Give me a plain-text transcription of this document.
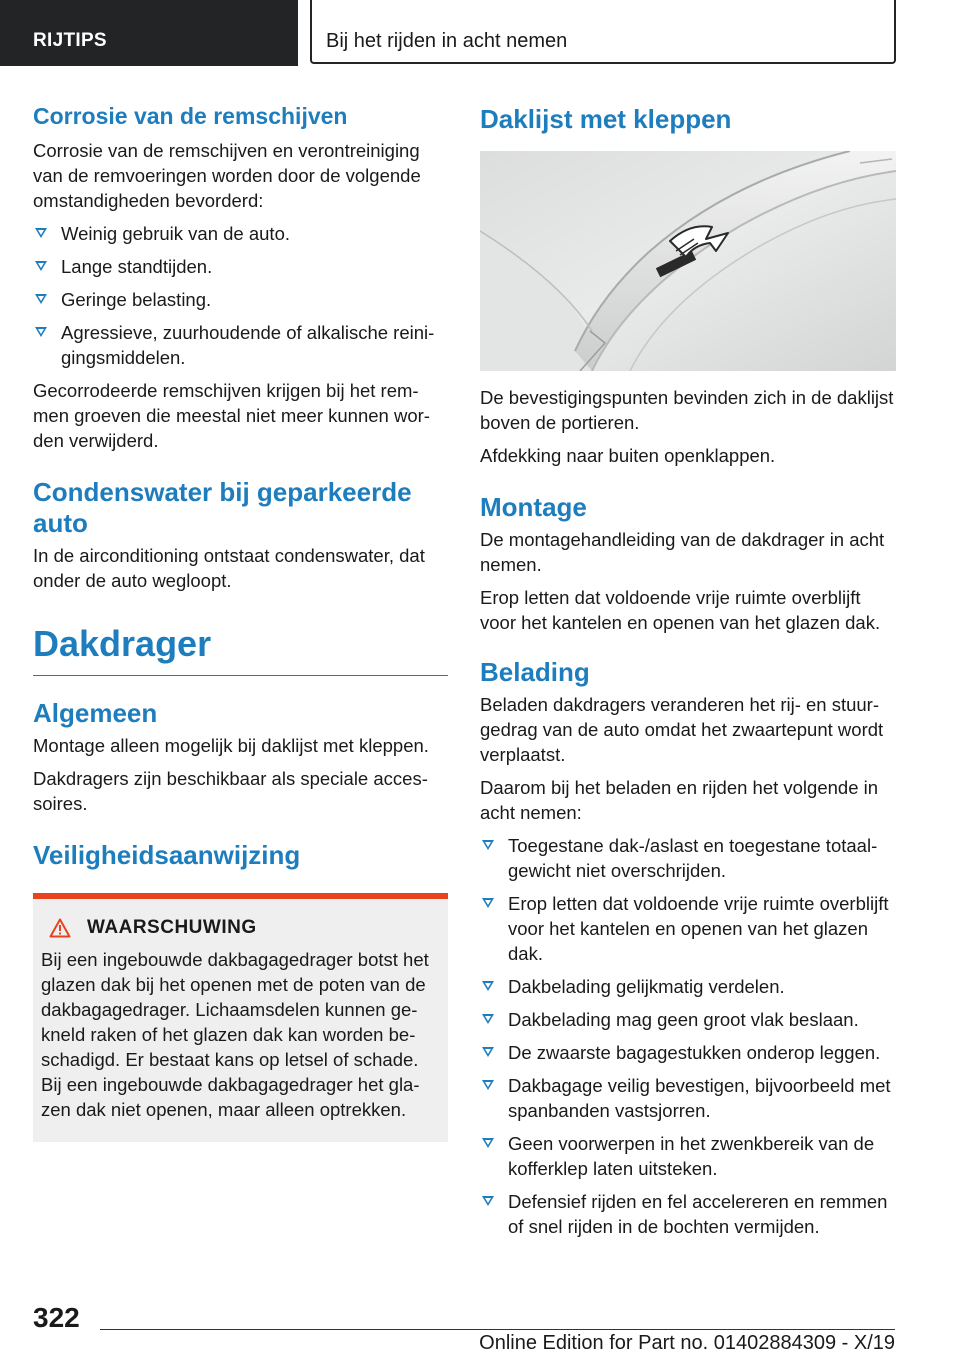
RIJTIPS	Bij het rijden in acht nemen
Corrosie van de remschijven

Corrosie van de remschijven en verontreiniging van de remvoeringen worden door de volgende omstandigheden bevorderd:

Weinig gebruik van de auto.
Lange standtijden.
Geringe belasting.
Agressieve, zuurhoudende of alkalische reinigingsmiddelen.

Gecorrodeerde remschijven krijgen bij het remmen groeven die meestal niet meer kunnen worden verwijderd.

Condenswater bij geparkeerde auto

In de airconditioning ontstaat condenswater, dat onder de auto wegloopt.

Dakdrager
Algemeen

Montage alleen mogelijk bij daklijst met kleppen.

Dakdragers zijn beschikbaar als speciale accessoires.

Veiligheidsaanwijzing
WAARSCHUWING
Bij een ingebouwde dakbagagedrager botst het glazen dak bij het openen met de poten van de dakbagagedrager. Lichaamsdelen kunnen gekneld raken of het glazen dak kan worden beschadigd. Er bestaat kans op letsel of schade. Bij een ingebouwde dakbagagedrager het glazen dak niet openen, maar alleen optrekken.
Daklijst met kleppen

De bevestigingspunten bevinden zich in de daklijst boven de portieren.

Afdekking naar buiten openklappen.

Montage

De montagehandleiding van de dakdrager in acht nemen.

Erop letten dat voldoende vrije ruimte overblijft voor het kantelen en openen van het glazen dak.

Belading

Beladen dakdragers veranderen het rij- en stuurgedrag van de auto omdat het zwaartepunt wordt verplaatst.

Daarom bij het beladen en rijden het volgende in acht nemen:

Toegestane dak-/aslast en toegestane totaalgewicht niet overschrijden.
Erop letten dat voldoende vrije ruimte overblijft voor het kantelen en openen van het glazen dak.
Dakbelading gelijkmatig verdelen.
Dakbelading mag geen groot vlak beslaan.
De zwaarste bagagestukken onderop leggen.
Dakbagage veilig bevestigen, bijvoorbeeld met spanbanden vastsjorren.
Geen voorwerpen in het zwenkbereik van de kofferklep laten uitsteken.
Defensief rijden en fel accelereren en remmen of snel rijden in de bochten vermijden.
322
Online Edition for Part no. 01402884309 - X/19
